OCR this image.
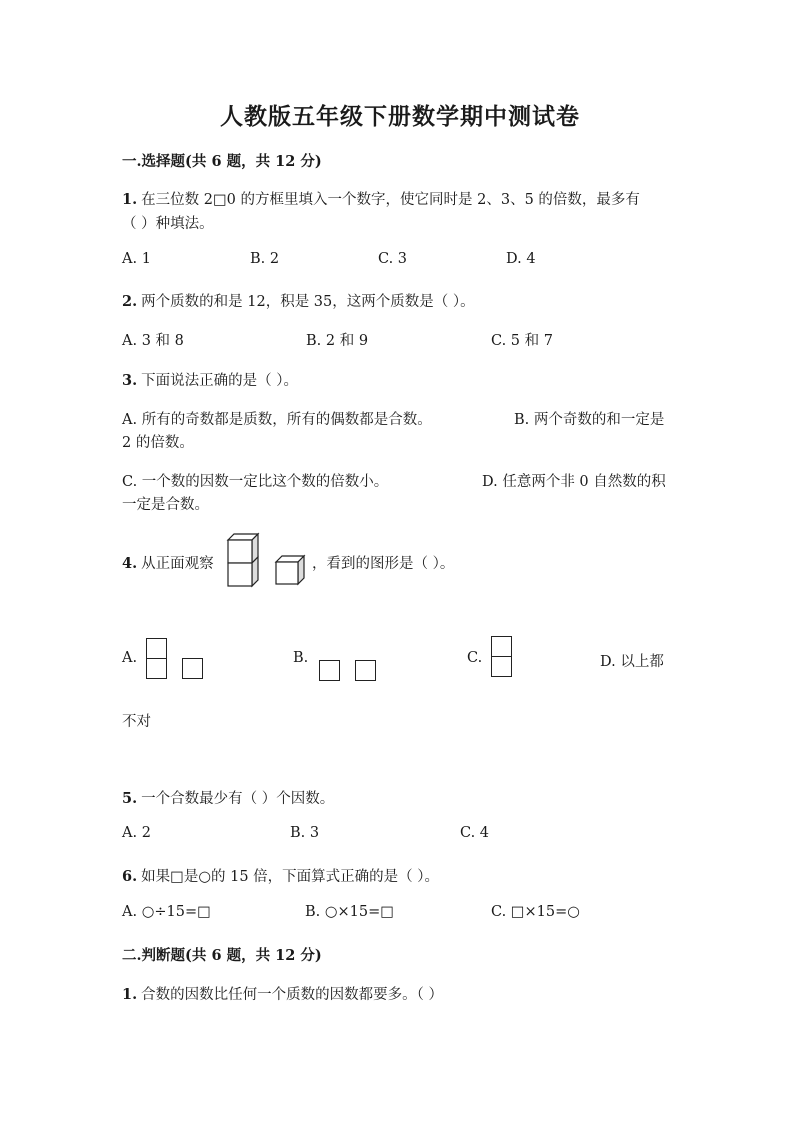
人教版五年级下册数学期中测试卷
一.选择题(共 6 题，共 12 分)
1. 在三位数 2□0 的方框里填入一个数字，使它同时是 2、3、5 的倍数，最多有
（ ）种填法。
A. 1	B. 2	C. 3	D. 4
2. 两个质数的和是 12，积是 35，这两个质数是（ ）。
A. 3 和 8	B. 2 和 9	C. 5 和 7
3. 下面说法正确的是（ ）。
A. 所有的奇数都是质数，所有的偶数都是合数。	B. 两个奇数的和一定是
2 的倍数。
C. 一个数的因数一定比这个数的倍数小。	D. 任意两个非 0 自然数的积
一定是合数。
4. 从正面观察	，看到的图形是（ ）。
A.	B.	C.	D. 以上都
不对
5. 一个合数最少有（ ）个因数。
A. 2	B. 3	C. 4
6. 如果□是○的 15 倍，下面算式正确的是（ ）。
A. ○÷15=□	B. ○×15=□	C. □×15=○
二.判断题(共 6 题，共 12 分)
1. 合数的因数比任何一个质数的因数都要多。（ ）
